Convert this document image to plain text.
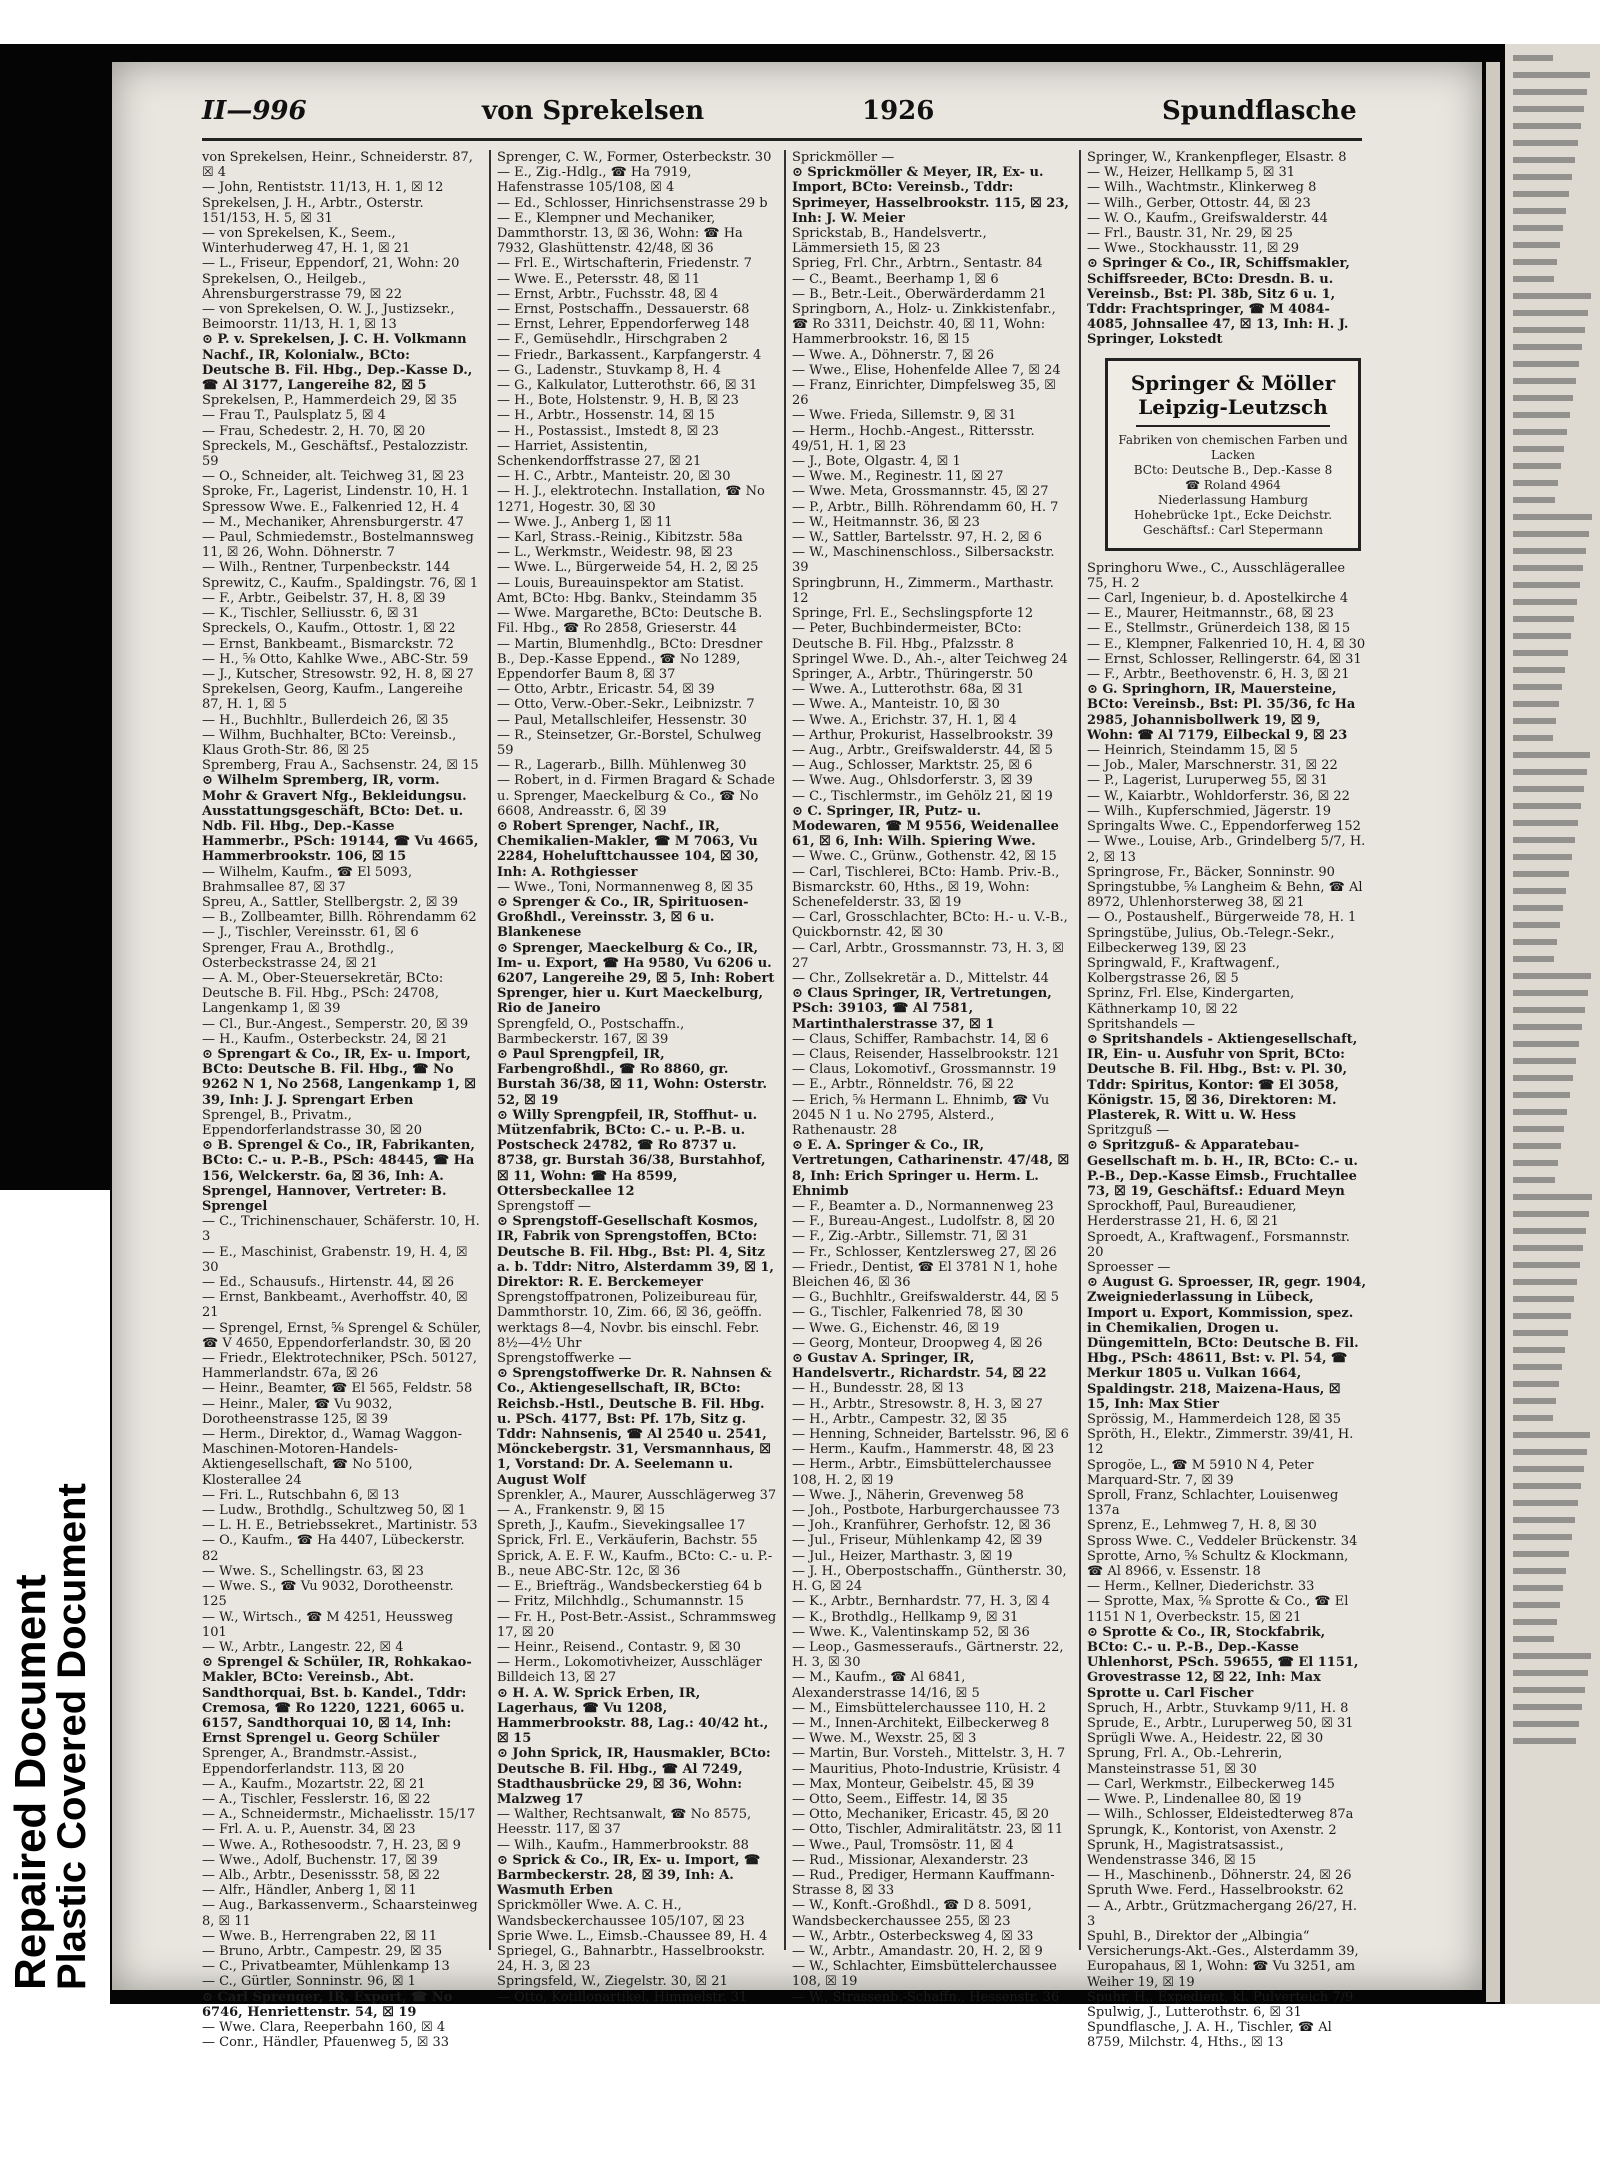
II—996	von Sprekelsen	1926	Spundflasche
von Sprekelsen, Heinr., Schneiderstr. 87, ☒ 4
— John, Rentiststr. 11/13, H. 1, ☒ 12
Sprekelsen, J. H., Arbtr., Osterstr. 151/153, H. 5, ☒ 31
— von Sprekelsen, K., Seem., Winterhuderweg 47, H. 1, ☒ 21
— L., Friseur, Eppendorf, 21, Wohn: 20
Sprekelsen, O., Heilgeb., Ahrensburgerstrasse 79, ☒ 22
— von Sprekelsen, O. W. J., Justizsekr., Beimoorstr. 11/13, H. 1, ☒ 13
⊙ P. v. Sprekelsen, J. C. H. Volkmann Nachf., IR, Kolonialw., BCto: Deutsche B. Fil. Hbg., Dep.-Kasse D., ☎ Al 3177, Langereihe 82, ☒ 5
Sprekelsen, P., Hammerdeich 29, ☒ 35
— Frau T., Paulsplatz 5, ☒ 4
— Frau, Schedestr. 2, H. 70, ☒ 20
Spreckels, M., Geschäftsf., Pestalozzistr. 59
— O., Schneider, alt. Teichweg 31, ☒ 23
Sproke, Fr., Lagerist, Lindenstr. 10, H. 1
Spressow Wwe. E., Falkenried 12, H. 4
— M., Mechaniker, Ahrensburgerstr. 47
— Paul, Schmiedemstr., Bostelmannsweg 11, ☒ 26, Wohn. Döhnerstr. 7
— Wilh., Rentner, Turpenbeckstr. 144
Sprewitz, C., Kaufm., Spaldingstr. 76, ☒ 1
— F., Arbtr., Geibelstr. 37, H. 8, ☒ 39
— K., Tischler, Selliusstr. 6, ☒ 31
Spreckels, O., Kaufm., Ottostr. 1, ☒ 22
— Ernst, Bankbeamt., Bismarckstr. 72
— H., ⅝ Otto, Kahlke Wwe., ABC-Str. 59
— J., Kutscher, Stresowstr. 92, H. 8, ☒ 27
Sprekelsen, Georg, Kaufm., Langereihe 87, H. 1, ☒ 5
— H., Buchhltr., Bullerdeich 26, ☒ 35
— Wilhm, Buchhalter, BCto: Vereinsb., Klaus Groth-Str. 86, ☒ 25
Spremberg, Frau A., Sachsenstr. 24, ☒ 15
⊙ Wilhelm Spremberg, IR, vorm. Mohr & Gravert Nfg., Bekleidungsu. Ausstattungsgeschäft, BCto: Det. u. Ndb. Fil. Hbg., Dep.-Kasse Hammerbr., PSch: 19144, ☎ Vu 4665, Hammerbrookstr. 106, ☒ 15
— Wilhelm, Kaufm., ☎ El 5093, Brahmsallee 87, ☒ 37
Spreu, A., Sattler, Stellbergstr. 2, ☒ 39
— B., Zollbeamter, Billh. Röhrendamm 62
— J., Tischler, Vereinsstr. 61, ☒ 6
Sprenger, Frau A., Brothdlg., Osterbeckstrasse 24, ☒ 21
— A. M., Ober-Steuersekretär, BCto: Deutsche B. Fil. Hbg., PSch: 24708, Langenkamp 1, ☒ 39
— Cl., Bur.-Angest., Semperstr. 20, ☒ 39
— H., Kaufm., Osterbeckstr. 24, ☒ 21
⊙ Sprengart & Co., IR, Ex- u. Import, BCto: Deutsche B. Fil. Hbg., ☎ No 9262 N 1, No 2568, Langenkamp 1, ☒ 39, Inh: J. J. Sprengart Erben
Sprengel, B., Privatm., Eppendorferlandstrasse 30, ☒ 20
⊙ B. Sprengel & Co., IR, Fabrikanten, BCto: C.- u. P.-B., PSch: 48445, ☎ Ha 156, Welckerstr. 6a, ☒ 36, Inh: A. Sprengel, Hannover, Vertreter: B. Sprengel
— C., Trichinenschauer, Schäferstr. 10, H. 3
— E., Maschinist, Grabenstr. 19, H. 4, ☒ 30
— Ed., Schausufs., Hirtenstr. 44, ☒ 26
— Ernst, Bankbeamt., Averhoffstr. 40, ☒ 21
— Sprengel, Ernst, ⅝ Sprengel & Schüler, ☎ V 4650, Eppendorferlandstr. 30, ☒ 20
— Friedr., Elektrotechniker, PSch. 50127, Hammerlandstr. 67a, ☒ 26
— Heinr., Beamter, ☎ El 565, Feldstr. 58
— Heinr., Maler, ☎ Vu 9032, Dorotheenstrasse 125, ☒ 39
— Herm., Direktor, d., Wamag Waggon-Maschinen-Motoren-Handels-Aktiengesellschaft, ☎ No 5100, Klosterallee 24
— Fri. L., Rutschbahn 6, ☒ 13
— Ludw., Brothdlg., Schultzweg 50, ☒ 1
— L. H. E., Betriebssekret., Martinistr. 53
— O., Kaufm., ☎ Ha 4407, Lübeckerstr. 82
— Wwe. S., Schellingstr. 63, ☒ 23
— Wwe. S., ☎ Vu 9032, Dorotheenstr. 125
— W., Wirtsch., ☎ M 4251, Heussweg 101
— W., Arbtr., Langestr. 22, ☒ 4
⊙ Sprengel & Schüler, IR, Rohkakao-Makler, BCto: Vereinsb., Abt. Sandthorquai, Bst. b. Kandel., Tddr: Cremosa, ☎ Ro 1220, 1221, 6065 u. 6157, Sandthorquai 10, ☒ 14, Inh: Ernst Sprengel u. Georg Schüler
Sprenger, A., Brandmstr.-Assist., Eppendorferlandstr. 113, ☒ 20
— A., Kaufm., Mozartstr. 22, ☒ 21
— A., Tischler, Fesslerstr. 16, ☒ 22
— A., Schneidermstr., Michaelisstr. 15/17
— Frl. A. u. P., Auenstr. 34, ☒ 23
— Wwe. A., Rothesoodstr. 7, H. 23, ☒ 9
— Wwe., Adolf, Buchenstr. 17, ☒ 39
— Alb., Arbtr., Desenissstr. 58, ☒ 22
— Alfr., Händler, Anberg 1, ☒ 11
— Aug., Barkassenverm., Schaarsteinweg 8, ☒ 11
— Wwe. B., Herrengraben 22, ☒ 11
— Bruno, Arbtr., Campestr. 29, ☒ 35
— C., Privatbeamter, Mühlenkamp 13
— C., Gürtler, Sonninstr. 96, ☒ 1
⊙ Carl Sprenger, IR, Export, ☎ No 6746, Henriettenstr. 54, ☒ 19
— Wwe. Clara, Reeperbahn 160, ☒ 4
— Conr., Händler, Pfauenweg 5, ☒ 33
Sprenger, C. W., Former, Osterbeckstr. 30
— E., Zig.-Hdlg., ☎ Ha 7919, Hafenstrasse 105/108, ☒ 4
— Ed., Schlosser, Hinrichsenstrasse 29 b
— E., Klempner und Mechaniker, Dammthorstr. 13, ☒ 36, Wohn: ☎ Ha 7932, Glashüttenstr. 42/48, ☒ 36
— Frl. E., Wirtschafterin, Friedenstr. 7
— Wwe. E., Petersstr. 48, ☒ 11
— Ernst, Arbtr., Fuchsstr. 48, ☒ 4
— Ernst, Postschaffn., Dessauerstr. 68
— Ernst, Lehrer, Eppendorferweg 148
— F., Gemüsehdlr., Hirschgraben 2
— Friedr., Barkassent., Karpfangerstr. 4
— G., Ladenstr., Stuvkamp 8, H. 4
— G., Kalkulator, Lutterothstr. 66, ☒ 31
— H., Bote, Holstenstr. 9, H. B, ☒ 23
— H., Arbtr., Hossenstr. 14, ☒ 15
— H., Postassist., Imstedt 8, ☒ 23
— Harriet, Assistentin, Schenkendorffstrasse 27, ☒ 21
— H. C., Arbtr., Manteistr. 20, ☒ 30
— H. J., elektrotechn. Installation, ☎ No 1271, Hogestr. 30, ☒ 30
— Wwe. J., Anberg 1, ☒ 11
— Karl, Strass.-Reinig., Kibitzstr. 58a
— L., Werkmstr., Weidestr. 98, ☒ 23
— Wwe. L., Bürgerweide 54, H. 2, ☒ 25
— Louis, Bureauinspektor am Statist. Amt, BCto: Hbg. Bankv., Steindamm 35
— Wwe. Margarethe, BCto: Deutsche B. Fil. Hbg., ☎ Ro 2858, Grieserstr. 44
— Martin, Blumenhdlg., BCto: Dresdner B., Dep.-Kasse Eppend., ☎ No 1289, Eppendorfer Baum 8, ☒ 37
— Otto, Arbtr., Ericastr. 54, ☒ 39
— Otto, Verw.-Ober.-Sekr., Leibnizstr. 7
— Paul, Metallschleifer, Hessenstr. 30
— R., Steinsetzer, Gr.-Borstel, Schulweg 59
— R., Lagerarb., Billh. Mühlenweg 30
— Robert, in d. Firmen Bragard & Schade u. Sprenger, Maeckelburg & Co., ☎ No 6608, Andreasstr. 6, ☒ 39
⊙ Robert Sprenger, Nachf., IR, Chemikalien-Makler, ☎ M 7063, Vu 2284, Hohelufttchaussee 104, ☒ 30, Inh: A. Rothgiesser
— Wwe., Toni, Normannenweg 8, ☒ 35
⊙ Sprenger & Co., IR, Spirituosen-Großhdl., Vereinsstr. 3, ☒ 6 u. Blankenese
⊙ Sprenger, Maeckelburg & Co., IR, Im- u. Export, ☎ Ha 9580, Vu 6206 u. 6207, Langereihe 29, ☒ 5, Inh: Robert Sprenger, hier u. Kurt Maeckelburg, Rio de Janeiro
Sprengfeld, O., Postschaffn., Barmbeckerstr. 167, ☒ 39
⊙ Paul Sprengpfeil, IR, Farbengroßhdl., ☎ Ro 8860, gr. Burstah 36/38, ☒ 11, Wohn: Osterstr. 52, ☒ 19
⊙ Willy Sprengpfeil, IR, Stoffhut- u. Mützenfabrik, BCto: C.- u. P.-B. u. Postscheck 24782, ☎ Ro 8737 u. 8738, gr. Burstah 36/38, Burstahhof, ☒ 11, Wohn: ☎ Ha 8599, Ottersbeckallee 12
Sprengstoff —
⊙ Sprengstoff-Gesellschaft Kosmos, IR, Fabrik von Sprengstoffen, BCto: Deutsche B. Fil. Hbg., Bst: Pl. 4, Sitz a. b. Tddr: Nitro, Alsterdamm 39, ☒ 1, Direktor: R. E. Berckemeyer
Sprengstoffpatronen, Polizeibureau für, Dammthorstr. 10, Zim. 66, ☒ 36, geöffn. werktags 8—4, Novbr. bis einschl. Febr. 8½—4½ Uhr
Sprengstoffwerke —
⊙ Sprengstoffwerke Dr. R. Nahnsen & Co., Aktiengesellschaft, IR, BCto: Reichsb.-Hstl., Deutsche B. Fil. Hbg. u. PSch. 4177, Bst: Pf. 17b, Sitz g. Tddr: Nahnsenis, ☎ Al 2540 u. 2541, Mönckebergstr. 31, Versmannhaus, ☒ 1, Vorstand: Dr. A. Seelemann u. August Wolf
Sprenkler, A., Maurer, Ausschlägerweg 37
— A., Frankenstr. 9, ☒ 15
Spreth, J., Kaufm., Sievekingsallee 17
Sprick, Frl. E., Verkäuferin, Bachstr. 55
Sprick, A. E. F. W., Kaufm., BCto: C.- u. P.-B., neue ABC-Str. 12c, ☒ 36
— E., Briefträg., Wandsbeckerstieg 64 b
— Fritz, Milchhdlg., Schumannstr. 15
— Fr. H., Post-Betr.-Assist., Schrammsweg 17, ☒ 20
— Heinr., Reisend., Contastr. 9, ☒ 30
— Herm., Lokomotivheizer, Ausschläger Billdeich 13, ☒ 27
⊙ H. A. W. Sprick Erben, IR, Lagerhaus, ☎ Vu 1208, Hammerbrookstr. 88, Lag.: 40/42 ht., ☒ 15
⊙ John Sprick, IR, Hausmakler, BCto: Deutsche B. Fil. Hbg., ☎ Al 7249, Stadthausbrücke 29, ☒ 36, Wohn: Malzweg 17
— Walther, Rechtsanwalt, ☎ No 8575, Heesstr. 117, ☒ 37
— Wilh., Kaufm., Hammerbrookstr. 88
⊙ Sprick & Co., IR, Ex- u. Import, ☎ Barmbeckerstr. 28, ☒ 39, Inh: A. Wasmuth Erben
Sprickmöller Wwe. A. C. H., Wandsbeckerchaussee 105/107, ☒ 23
Sprie Wwe. L., Eimsb.-Chaussee 89, H. 4
Spriegel, G., Bahnarbtr., Hasselbrookstr. 24, H. 3, ☒ 23
Springsfeld, W., Ziegelstr. 30, ☒ 21
— Otto, Kotillonartikel, Himmelstr. 31
Sprickmöller —
⊙ Sprickmöller & Meyer, IR, Ex- u. Import, BCto: Vereinsb., Tddr: Sprimeyer, Hasselbrookstr. 115, ☒ 23, Inh: J. W. Meier
Sprickstab, B., Handelsvertr., Lämmersieth 15, ☒ 23
Sprieg, Frl. Chr., Arbtrn., Sentastr. 84
— C., Beamt., Beerhamp 1, ☒ 6
— B., Betr.-Leit., Oberwärderdamm 21
Springborn, A., Holz- u. Zinkkistenfabr., ☎ Ro 3311, Deichstr. 40, ☒ 11, Wohn: Hammerbrookstr. 16, ☒ 15
— Wwe. A., Döhnerstr. 7, ☒ 26
— Wwe., Elise, Hohenfelde Allee 7, ☒ 24
— Franz, Einrichter, Dimpfelsweg 35, ☒ 26
— Wwe. Frieda, Sillemstr. 9, ☒ 31
— Herm., Hochb.-Angest., Rittersstr. 49/51, H. 1, ☒ 23
— J., Bote, Olgastr. 4, ☒ 1
— Wwe. M., Reginestr. 11, ☒ 27
— Wwe. Meta, Grossmannstr. 45, ☒ 27
— P., Arbtr., Billh. Röhrendamm 60, H. 7
— W., Heitmannstr. 36, ☒ 23
— W., Sattler, Bartelsstr. 97, H. 2, ☒ 6
— W., Maschinenschloss., Silbersackstr. 39
Springbrunn, H., Zimmerm., Marthastr. 12
Springe, Frl. E., Sechslingspforte 12
— Peter, Buchbindermeister, BCto: Deutsche B. Fil. Hbg., Pfalzsstr. 8
Springel Wwe. D., Ah.-, alter Teichweg 24
Springer, A., Arbtr., Thüringerstr. 50
— Wwe. A., Lutterothstr. 68a, ☒ 31
— Wwe. A., Manteistr. 10, ☒ 30
— Wwe. A., Erichstr. 37, H. 1, ☒ 4
— Arthur, Prokurist, Hasselbrookstr. 39
— Aug., Arbtr., Greifswalderstr. 44, ☒ 5
— Aug., Schlosser, Marktstr. 25, ☒ 6
— Wwe. Aug., Ohlsdorferstr. 3, ☒ 39
— C., Tischlermstr., im Gehölz 21, ☒ 19
⊙ C. Springer, IR, Putz- u. Modewaren, ☎ M 9556, Weidenallee 61, ☒ 6, Inh: Wilh. Spiering Wwe.
— Wwe. C., Grünw., Gothenstr. 42, ☒ 15
— Carl, Tischlerei, BCto: Hamb. Priv.-B., Bismarckstr. 60, Hths., ☒ 19, Wohn: Schenefelderstr. 33, ☒ 19
— Carl, Grosschlachter, BCto: H.- u. V.-B., Quickbornstr. 42, ☒ 30
— Carl, Arbtr., Grossmannstr. 73, H. 3, ☒ 27
— Chr., Zollsekretär a. D., Mittelstr. 44
⊙ Claus Springer, IR, Vertretungen, PSch: 39103, ☎ Al 7581, Martinthalerstrasse 37, ☒ 1
— Claus, Schiffer, Rambachstr. 14, ☒ 6
— Claus, Reisender, Hasselbrookstr. 121
— Claus, Lokomotivf., Grossmannstr. 19
— E., Arbtr., Rönneldstr. 76, ☒ 22
— Erich, ⅝ Hermann L. Ehnimb, ☎ Vu 2045 N 1 u. No 2795, Alsterd., Rathenaustr. 28
⊙ E. A. Springer & Co., IR, Vertretungen, Catharinenstr. 47/48, ☒ 8, Inh: Erich Springer u. Herm. L. Ehnimb
— F., Beamter a. D., Normannenweg 23
— F., Bureau-Angest., Ludolfstr. 8, ☒ 20
— F., Zig.-Arbtr., Sillemstr. 71, ☒ 31
— Fr., Schlosser, Kentzlersweg 27, ☒ 26
— Friedr., Dentist, ☎ El 3781 N 1, hohe Bleichen 46, ☒ 36
— G., Buchhltr., Greifswalderstr. 44, ☒ 5
— G., Tischler, Falkenried 78, ☒ 30
— Wwe. G., Eichenstr. 46, ☒ 19
— Georg, Monteur, Droopweg 4, ☒ 26
⊙ Gustav A. Springer, IR, Handelsvertr., Richardstr. 54, ☒ 22
— H., Bundesstr. 28, ☒ 13
— H., Arbtr., Stresowstr. 8, H. 3, ☒ 27
— H., Arbtr., Campestr. 32, ☒ 35
— Henning, Schneider, Bartelsstr. 96, ☒ 6
— Herm., Kaufm., Hammerstr. 48, ☒ 23
— Herm., Arbtr., Eimsbüttelerchaussee 108, H. 2, ☒ 19
— Wwe. J., Näherin, Grevenweg 58
— Joh., Postbote, Harburgerchaussee 73
— Joh., Kranführer, Gerhofstr. 12, ☒ 36
— Jul., Friseur, Mühlenkamp 42, ☒ 39
— Jul., Heizer, Marthastr. 3, ☒ 19
— J. H., Oberpostschaffn., Güntherstr. 30, H. G, ☒ 24
— K., Arbtr., Bernhardstr. 77, H. 3, ☒ 4
— K., Brothdlg., Hellkamp 9, ☒ 31
— Wwe. K., Valentinskamp 52, ☒ 36
— Leop., Gasmesseraufs., Gärtnerstr. 22, H. 3, ☒ 30
— M., Kaufm., ☎ Al 6841, Alexanderstrasse 14/16, ☒ 5
— M., Eimsbüttelerchaussee 110, H. 2
— M., Innen-Architekt, Eilbeckerweg 8
— Wwe. M., Wexstr. 25, ☒ 3
— Martin, Bur. Vorsteh., Mittelstr. 3, H. 7
— Mauritius, Photo-Industrie, Krüsistr. 4
— Max, Monteur, Geibelstr. 45, ☒ 39
— Otto, Seem., Eiffestr. 14, ☒ 35
— Otto, Mechaniker, Ericastr. 45, ☒ 20
— Otto, Tischler, Admiralitätstr. 23, ☒ 11
— Wwe., Paul, Tromsöstr. 11, ☒ 4
— Rud., Missionar, Alexanderstr. 23
— Rud., Prediger, Hermann Kauffmann-Strasse 8, ☒ 33
— W., Konft.-Großhdl., ☎ D 8. 5091, Wandsbeckerchaussee 255, ☒ 23
— W., Arbtr., Osterbecksweg 4, ☒ 33
— W., Arbtr., Amandastr. 20, H. 2, ☒ 9
— W., Schlachter, Eimsbüttelerchaussee 108, ☒ 19
— W., Strassenb.-Schaffn., Hessenstr. 36
Springer, W., Krankenpfleger, Elsastr. 8
— W., Heizer, Hellkamp 5, ☒ 31
— Wilh., Wachtmstr., Klinkerweg 8
— Wilh., Gerber, Ottostr. 44, ☒ 23
— W. O., Kaufm., Greifswalderstr. 44
— Frl., Baustr. 31, Nr. 29, ☒ 25
— Wwe., Stockhausstr. 11, ☒ 29
⊙ Springer & Co., IR, Schiffsmakler, Schiffsreeder, BCto: Dresdn. B. u. Vereinsb., Bst: Pl. 38b, Sitz 6 u. 1, Tddr: Frachtspringer, ☎ M 4084-4085, Johnsallee 47, ☒ 13, Inh: H. J. Springer, Lokstedt
Springer & Möller
Leipzig-Leutzsch
Fabriken von chemischen Farben und Lacken
BCto: Deutsche B., Dep.-Kasse 8
☎ Roland 4964
Niederlassung Hamburg
Hohebrücke 1pt., Ecke Deichstr.
Geschäftsf.: Carl Stepermann
Springhoru Wwe., C., Ausschlägerallee 75, H. 2
— Carl, Ingenieur, b. d. Apostelkirche 4
— E., Maurer, Heitmannstr., 68, ☒ 23
— E., Stellmstr., Grünerdeich 138, ☒ 15
— E., Klempner, Falkenried 10, H. 4, ☒ 30
— Ernst, Schlosser, Rellingerstr. 64, ☒ 31
— F., Arbtr., Beethovenstr. 6, H. 3, ☒ 21
⊙ G. Springhorn, IR, Mauersteine, BCto: Vereinsb., Bst: Pl. 35/36, fc Ha 2985, Johannisbollwerk 19, ☒ 9, Wohn: ☎ Al 7179, Eilbeckal 9, ☒ 23
— Heinrich, Steindamm 15, ☒ 5
— Job., Maler, Marschnerstr. 31, ☒ 22
— P., Lagerist, Luruperweg 55, ☒ 31
— W., Kaiarbtr., Wohldorferstr. 36, ☒ 22
— Wilh., Kupferschmied, Jägerstr. 19
Springalts Wwe. C., Eppendorferweg 152
— Wwe., Louise, Arb., Grindelberg 5/7, H. 2, ☒ 13
Springrose, Fr., Bäcker, Sonninstr. 90
Springstubbe, ⅝ Langheim & Behn, ☎ Al 8972, Uhlenhorsterweg 38, ☒ 21
— O., Postaushelf., Bürgerweide 78, H. 1
Springstübe, Julius, Ob.-Telegr.-Sekr., Eilbeckerweg 139, ☒ 23
Springwald, F., Kraftwagenf., Kolbergstrasse 26, ☒ 5
Sprinz, Frl. Else, Kindergarten, Käthnerkamp 10, ☒ 22
Spritshandels —
⊙ Spritshandels - Aktiengesellschaft, IR, Ein- u. Ausfuhr von Sprit, BCto: Deutsche B. Fil. Hbg., Bst: v. Pl. 30, Tddr: Spiritus, Kontor: ☎ El 3058, Königstr. 15, ☒ 36, Direktoren: M. Plasterek, R. Witt u. W. Hess
Spritzguß —
⊙ Spritzguß- & Apparatebau-Gesellschaft m. b. H., IR, BCto: C.- u. P.-B., Dep.-Kasse Eimsb., Fruchtallee 73, ☒ 19, Geschäftsf.: Eduard Meyn
Sprockhoff, Paul, Bureaudiener, Herderstrasse 21, H. 6, ☒ 21
Sproedt, A., Kraftwagenf., Forsmannstr. 20
Sproesser —
⊙ August G. Sproesser, IR, gegr. 1904, Zweigniederlassung in Lübeck, Import u. Export, Kommission, spez. in Chemikalien, Drogen u. Düngemitteln, BCto: Deutsche B. Fil. Hbg., PSch: 48611, Bst: v. Pl. 54, ☎ Merkur 1805 u. Vulkan 1664, Spaldingstr. 218, Maizena-Haus, ☒ 15, Inh: Max Stier
Sprössig, M., Hammerdeich 128, ☒ 35
Spröth, H., Elektr., Zimmerstr. 39/41, H. 12
Sprogöe, L., ☎ M 5910 N 4, Peter Marquard-Str. 7, ☒ 39
Sproll, Franz, Schlachter, Louisenweg 137a
Sprenz, E., Lehmweg 7, H. 8, ☒ 30
Spross Wwe. C., Veddeler Brückenstr. 34
Sprotte, Arno, ⅝ Schultz & Klockmann, ☎ Al 8966, v. Essenstr. 18
— Herm., Kellner, Diederichstr. 33
— Sprotte, Max, ⅝ Sprotte & Co., ☎ El 1151 N 1, Overbeckstr. 15, ☒ 21
⊙ Sprotte & Co., IR, Stockfabrik, BCto: C.- u. P.-B., Dep.-Kasse Uhlenhorst, PSch. 59655, ☎ El 1151, Grovestrasse 12, ☒ 22, Inh: Max Sprotte u. Carl Fischer
Spruch, H., Arbtr., Stuvkamp 9/11, H. 8
Sprude, E., Arbtr., Luruperweg 50, ☒ 31
Sprügli Wwe. A., Heidestr. 22, ☒ 30
Sprung, Frl. A., Ob.-Lehrerin, Mansteinstrasse 51, ☒ 30
— Carl, Werkmstr., Eilbeckerweg 145
— Wwe. P., Lindenallee 80, ☒ 19
— Wilh., Schlosser, Eldeistedterweg 87a
Sprungk, K., Kontorist, von Axenstr. 2
Sprunk, H., Magistratsassist., Wendenstrasse 346, ☒ 15
— H., Maschinenb., Döhnerstr. 24, ☒ 26
Spruth Wwe. Ferd., Hasselbrookstr. 62
— A., Arbtr., Grützmachergang 26/27, H. 3
Spuhl, B., Direktor der „Albingia“ Versicherungs-Akt.-Ges., Alsterdamm 39, Europahaus, ☒ 1, Wohn: ☎ Vu 3251, am Weiher 19, ☒ 19
Spuhr, H., Expedient, kl. Pulverteich 7/9
Spulwig, J., Lutterothstr. 6, ☒ 31
Spundflasche, J. A. H., Tischler, ☎ Al 8759, Milchstr. 4, Hths., ☒ 13
Repaired Document
Plastic Covered Document
